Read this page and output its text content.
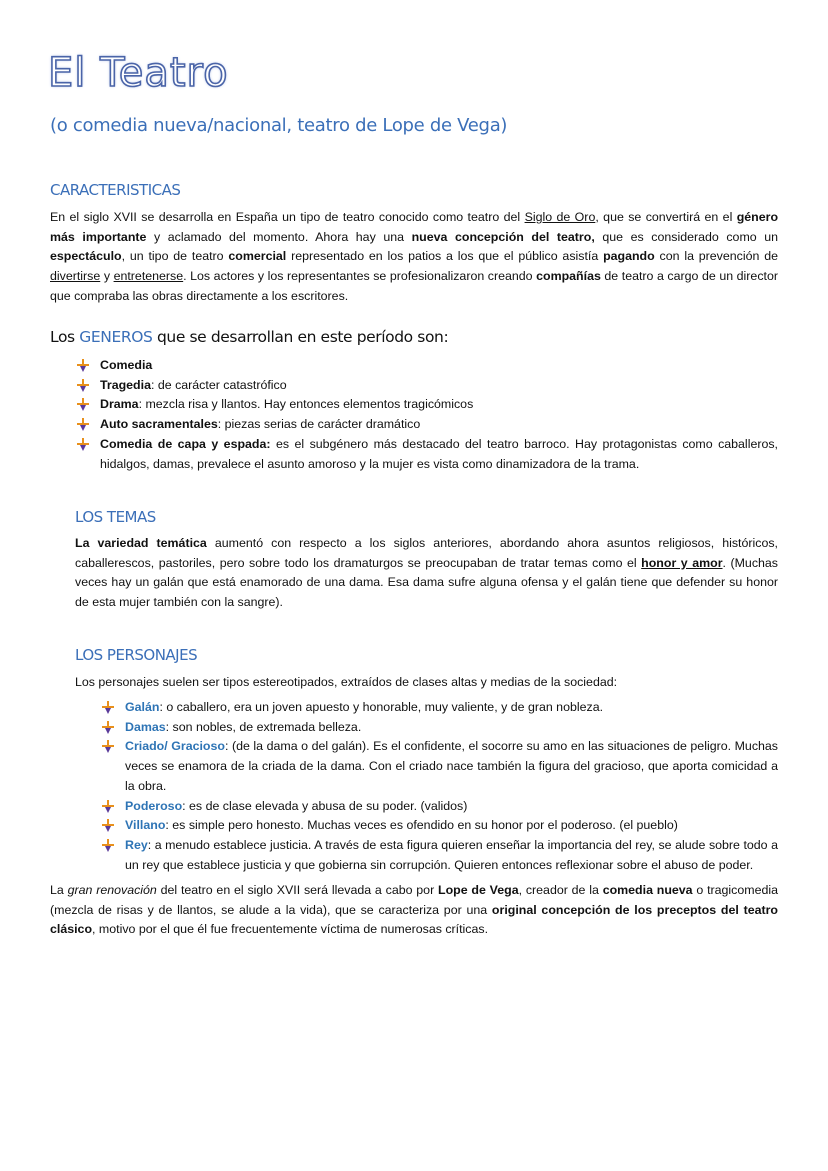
El Teatro
(o comedia nueva/nacional, teatro de Lope de Vega)
CARACTERISTICAS
En el siglo XVII se desarrolla en España un tipo de teatro conocido como teatro del Siglo de Oro, que se convertirá en el género más importante y aclamado del momento. Ahora hay una nueva concepción del teatro, que es considerado como un espectáculo, un tipo de teatro comercial representado en los patios a los que el público asistía pagando con la prevención de divertirse y entretenerse. Los actores y los representantes se profesionalizaron creando compañías de teatro a cargo de un director que compraba las obras directamente a los escritores.
Los GENEROS que se desarrollan en este período son:
Comedia
Tragedia: de carácter catastrófico
Drama: mezcla risa y llantos. Hay entonces elementos tragicómicos
Auto sacramentales: piezas serias de carácter dramático
Comedia de capa y espada: es el subgénero más destacado del teatro barroco. Hay protagonistas como caballeros, hidalgos, damas, prevalece el asunto amoroso y la mujer es vista como dinamizadora de la trama.
LOS TEMAS
La variedad temática aumentó con respecto a los siglos anteriores, abordando ahora asuntos religiosos, históricos, caballerescos, pastoriles, pero sobre todo los dramaturgos se preocupaban de tratar temas como el honor y amor. (Muchas veces hay un galán que está enamorado de una dama. Esa dama sufre alguna ofensa y el galán tiene que defender su honor de esta mujer también con la sangre).
LOS PERSONAJES
Los personajes suelen ser tipos estereotipados, extraídos de clases altas y medias de la sociedad:
Galán: o caballero, era un joven apuesto y honorable, muy valiente, y de gran nobleza.
Damas: son nobles, de extremada belleza.
Criado/ Gracioso: (de la dama o del galán). Es el confidente, el socorre su amo en las situaciones de peligro. Muchas veces se enamora de la criada de la dama. Con el criado nace también la figura del gracioso, que aporta comicidad a la obra.
Poderoso: es de clase elevada y abusa de su poder. (validos)
Villano: es simple pero honesto. Muchas veces es ofendido en su honor por el poderoso. (el pueblo)
Rey: a menudo establece justicia. A través de esta figura quieren enseñar la importancia del rey, se alude sobre todo a un rey que establece justicia y que gobierna sin corrupción. Quieren entonces reflexionar sobre el abuso de poder.
La gran renovación del teatro en el siglo XVII será llevada a cabo por Lope de Vega, creador de la comedia nueva o tragicomedia (mezcla de risas y de llantos, se alude a la vida), que se caracteriza por una original concepción de los preceptos del teatro clásico, motivo por el que él fue frecuentemente víctima de numerosas críticas.
